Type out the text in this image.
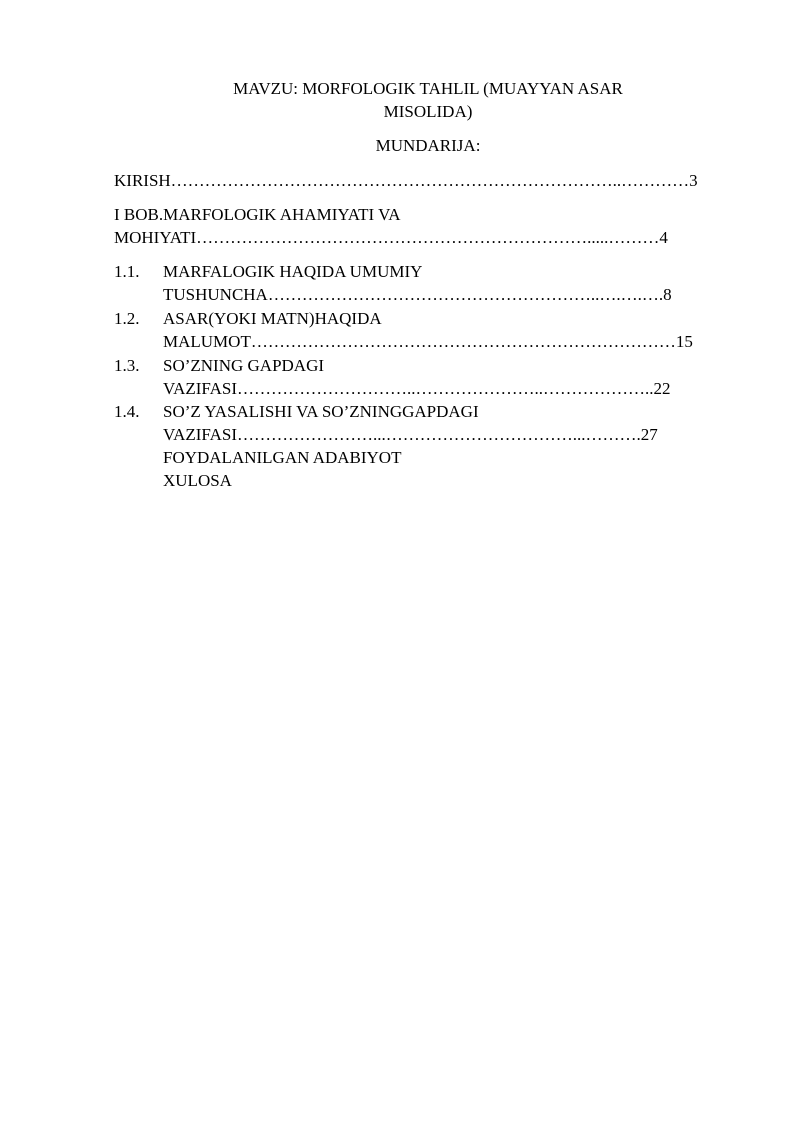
MAVZU: MORFOLOGIK TAHLIL (MUAYYAN ASAR
MISOLIDA)
MUNDARIJA:
KIRISH……………………………………………………………………..…………3
I BOB.MARFOLOGIK AHAMIYATI VA
MOHIYATI…………………………………………………………….....………4
1.1. MARFALOGIK HAQIDA UMUMIY
TUSHUNCHA…………………………………………………..….….….8
1.2. ASAR(YOKI MATN)HAQIDA
MALUMOT…………………………………………………………………15
1.3. SO’ZNING GAPDAGI
VAZIFASI…………………………..…………………..………………..22
1.4. SO’Z YASALISHI VA SO’ZNINGGAPDAGI
VAZIFASI……………………...……………………………...……….27
FOYDALANILGAN ADABIYOT
XULOSA
